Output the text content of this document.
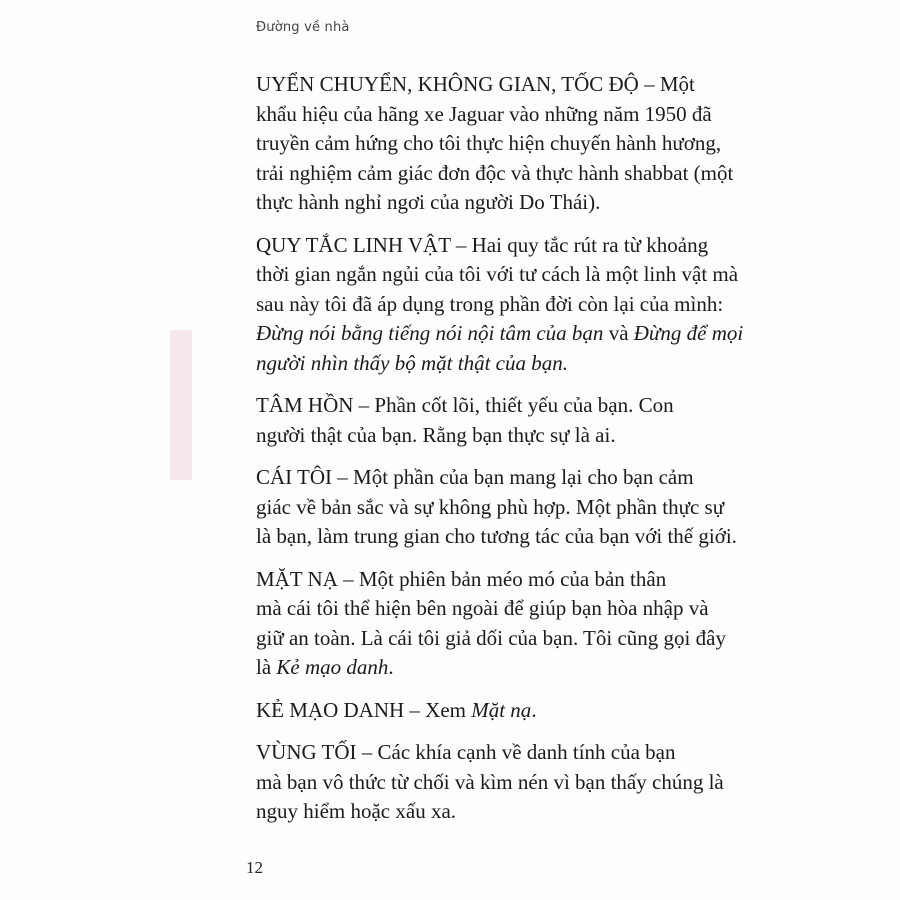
Đường về nhà
UYỂN CHUYỂN, KHÔNG GIAN, TỐC ĐỘ – Một
khẩu hiệu của hãng xe Jaguar vào những năm 1950 đã
truyền cảm hứng cho tôi thực hiện chuyến hành hương,
trải nghiệm cảm giác đơn độc và thực hành shabbat (một
thực hành nghỉ ngơi của người Do Thái).
QUY TẮC LINH VẬT – Hai quy tắc rút ra từ khoảng
thời gian ngắn ngủi của tôi với tư cách là một linh vật mà
sau này tôi đã áp dụng trong phần đời còn lại của mình:
Đừng nói bằng tiếng nói nội tâm của bạn và Đừng để mọi
người nhìn thấy bộ mặt thật của bạn.
TÂM HỒN – Phần cốt lõi, thiết yếu của bạn. Con
người thật của bạn. Rằng bạn thực sự là ai.
CÁI TÔI – Một phần của bạn mang lại cho bạn cảm
giác về bản sắc và sự không phù hợp. Một phần thực sự
là bạn, làm trung gian cho tương tác của bạn với thế giới.
MẶT NẠ – Một phiên bản méo mó của bản thân
mà cái tôi thể hiện bên ngoài để giúp bạn hòa nhập và
giữ an toàn. Là cái tôi giả dối của bạn. Tôi cũng gọi đây
là Kẻ mạo danh.
KẺ MẠO DANH – Xem Mặt nạ.
VÙNG TỐI – Các khía cạnh về danh tính của bạn
mà bạn vô thức từ chối và kìm nén vì bạn thấy chúng là
nguy hiểm hoặc xấu xa.
12
